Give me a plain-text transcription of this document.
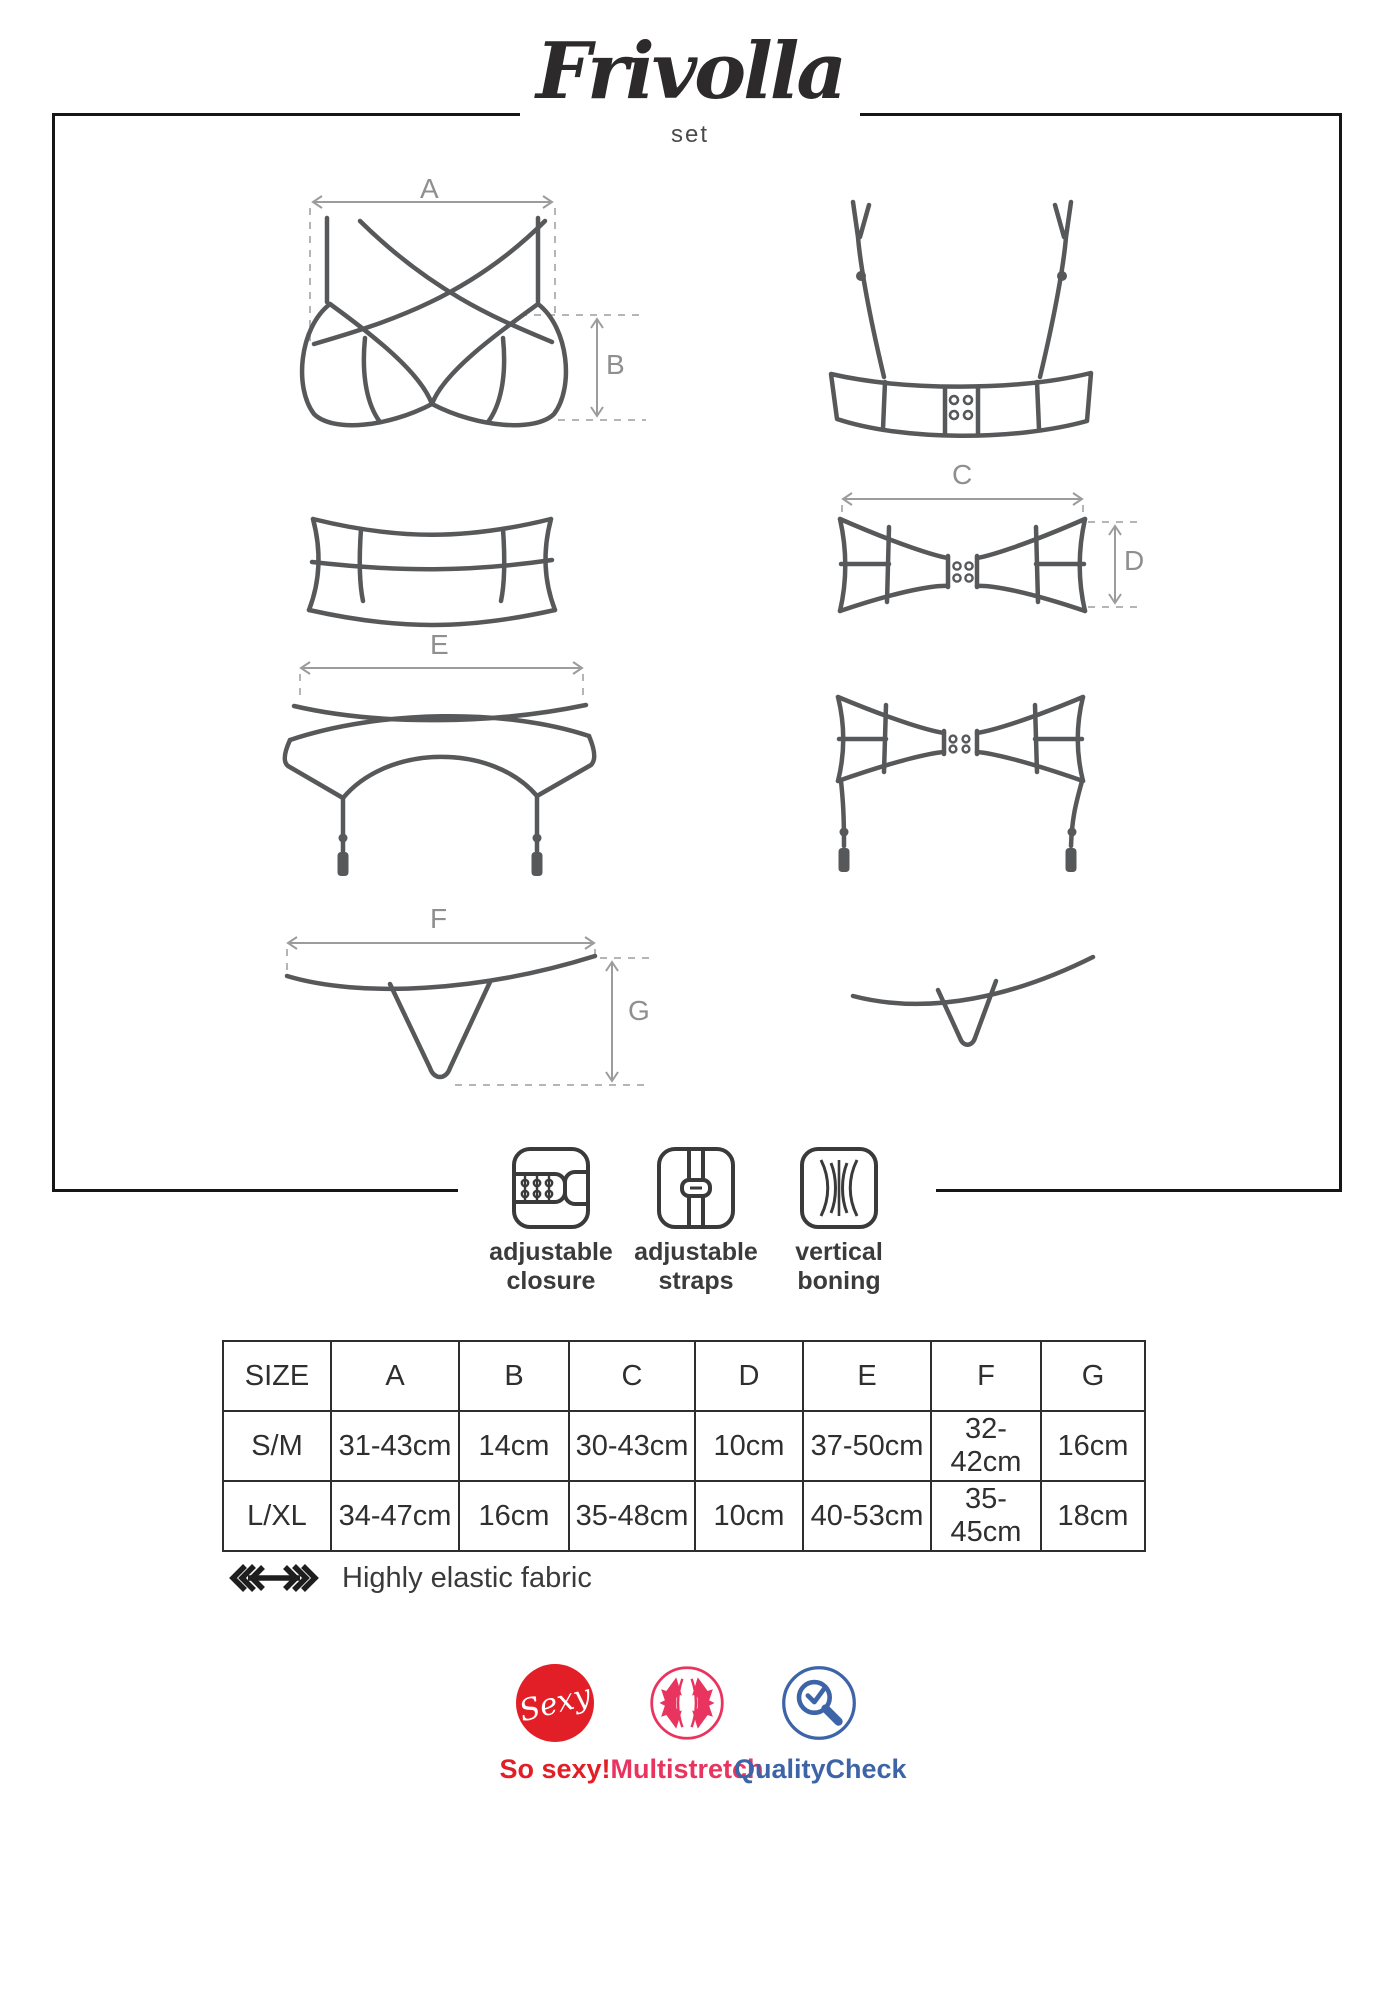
Frivolla
set
A
B
C
D
E
F
G
adjustable
closure
adjustable
straps
vertical
boning
SIZE	A	B	C	D	E	F	G
S/M	31-43cm	14cm	30-43cm	10cm	37-50cm	32-42cm	16cm
L/XL	34-47cm	16cm	35-48cm	10cm	40-53cm	35-45cm	18cm
Highly elastic fabric
Sexy
So sexy! Multistretch
QualityCheck
